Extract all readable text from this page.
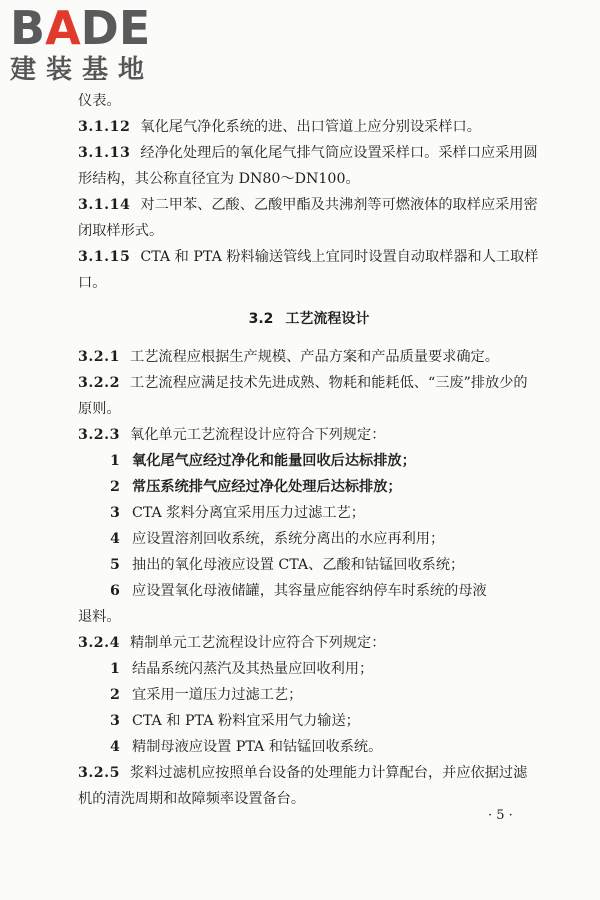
BADE
建装基地

仪表。

3.1.12 氧化尾气净化系统的进、出口管道上应分别设采样口。

3.1.13 经净化处理后的氧化尾气排气筒应设置采样口。采样口应采用圆形结构，其公称直径宜为 DN80～DN100。

3.1.14 对二甲苯、乙酸、乙酸甲酯及共沸剂等可燃液体的取样应采用密闭取样形式。

3.1.15 CTA 和 PTA 粉料输送管线上宜同时设置自动取样器和人工取样口。

3.2 工艺流程设计

3.2.1 工艺流程应根据生产规模、产品方案和产品质量要求确定。

3.2.2 工艺流程应满足技术先进成熟、物耗和能耗低、“三废”排放少的原则。

3.2.3 氧化单元工艺流程设计应符合下列规定：

1 氧化尾气应经过净化和能量回收后达标排放；

2 常压系统排气应经过净化处理后达标排放；

3 CTA 浆料分离宜采用压力过滤工艺；

4 应设置溶剂回收系统，系统分离出的水应再利用；

5 抽出的氧化母液应设置 CTA、乙酸和钴锰回收系统；

6 应设置氧化母液储罐，其容量应能容纳停车时系统的母液

退料。

3.2.4 精制单元工艺流程设计应符合下列规定：

1 结晶系统闪蒸汽及其热量应回收利用；

2 宜采用一道压力过滤工艺；

3 CTA 和 PTA 粉料宜采用气力输送；

4 精制母液应设置 PTA 和钴锰回收系统。

3.2.5 浆料过滤机应按照单台设备的处理能力计算配台，并应依据过滤机的清洗周期和故障频率设置备台。

· 5 ·
